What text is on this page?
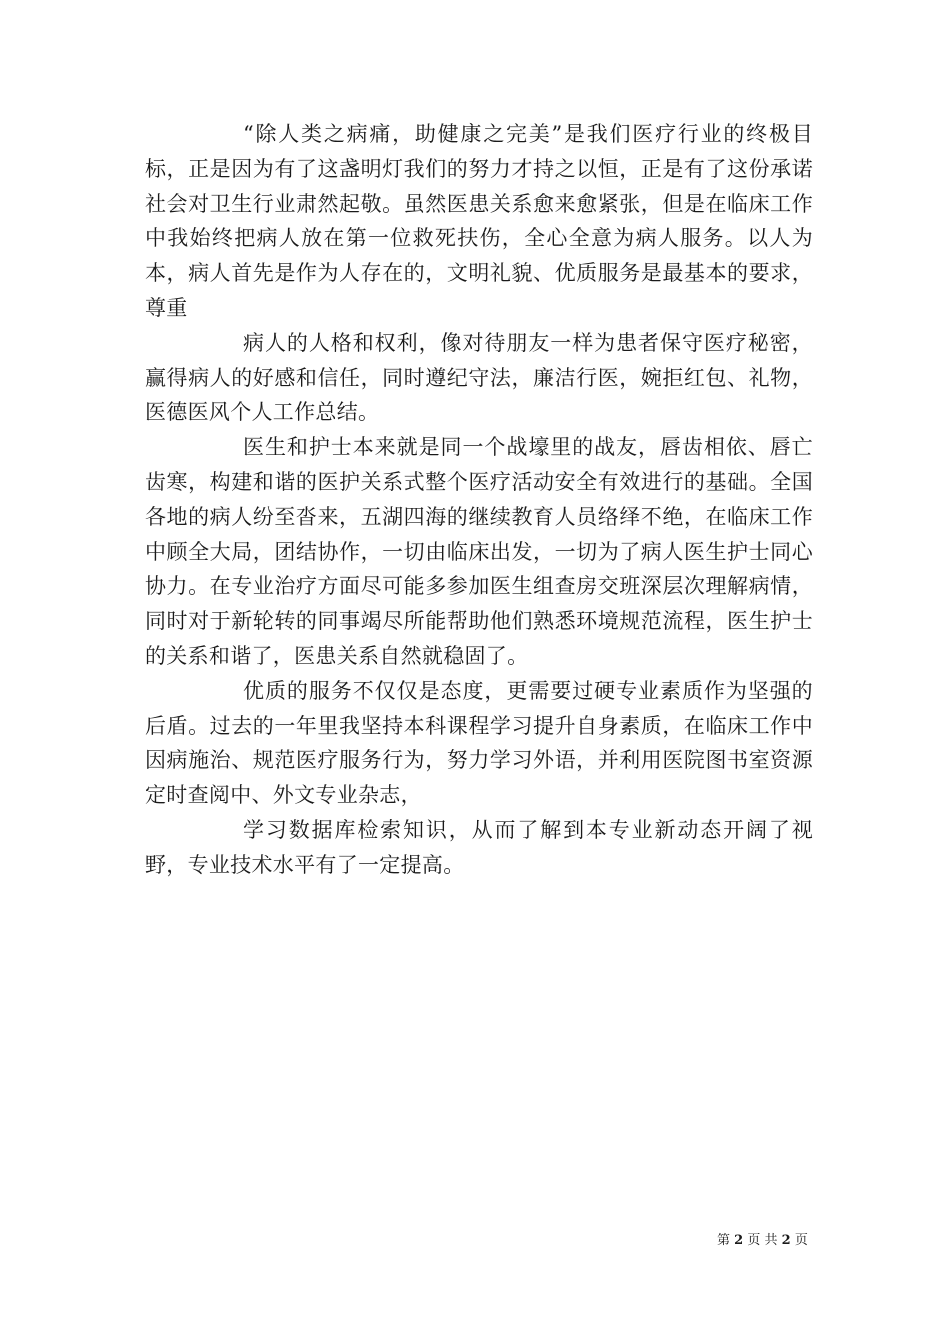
“除人类之病痛，助健康之完美”是我们医疗行业的终极目标，正是因为有了这盏明灯我们的努力才持之以恒，正是有了这份承诺社会对卫生行业肃然起敬。虽然医患关系愈来愈紧张，但是在临床工作中我始终把病人放在第一位救死扶伤，全心全意为病人服务。以人为本，病人首先是作为人存在的，文明礼貌、优质服务是最基本的要求，尊重

病人的人格和权利，像对待朋友一样为患者保守医疗秘密，赢得病人的好感和信任，同时遵纪守法，廉洁行医，婉拒红包、礼物，医德医风个人工作总结。

医生和护士本来就是同一个战壕里的战友，唇齿相依、唇亡齿寒，构建和谐的医护关系式整个医疗活动安全有效进行的基础。全国各地的病人纷至沓来，五湖四海的继续教育人员络绎不绝，在临床工作中顾全大局，团结协作，一切由临床出发，一切为了病人医生护士同心协力。在专业治疗方面尽可能多参加医生组查房交班深层次理解病情，同时对于新轮转的同事竭尽所能帮助他们熟悉环境规范流程，医生护士的关系和谐了，医患关系自然就稳固了。

优质的服务不仅仅是态度，更需要过硬专业素质作为坚强的后盾。过去的一年里我坚持本科课程学习提升自身素质，在临床工作中因病施治、规范医疗服务行为，努力学习外语，并利用医院图书室资源定时查阅中、外文专业杂志，

学习数据库检索知识，从而了解到本专业新动态开阔了视野，专业技术水平有了一定提高。

第 2 页 共 2 页
